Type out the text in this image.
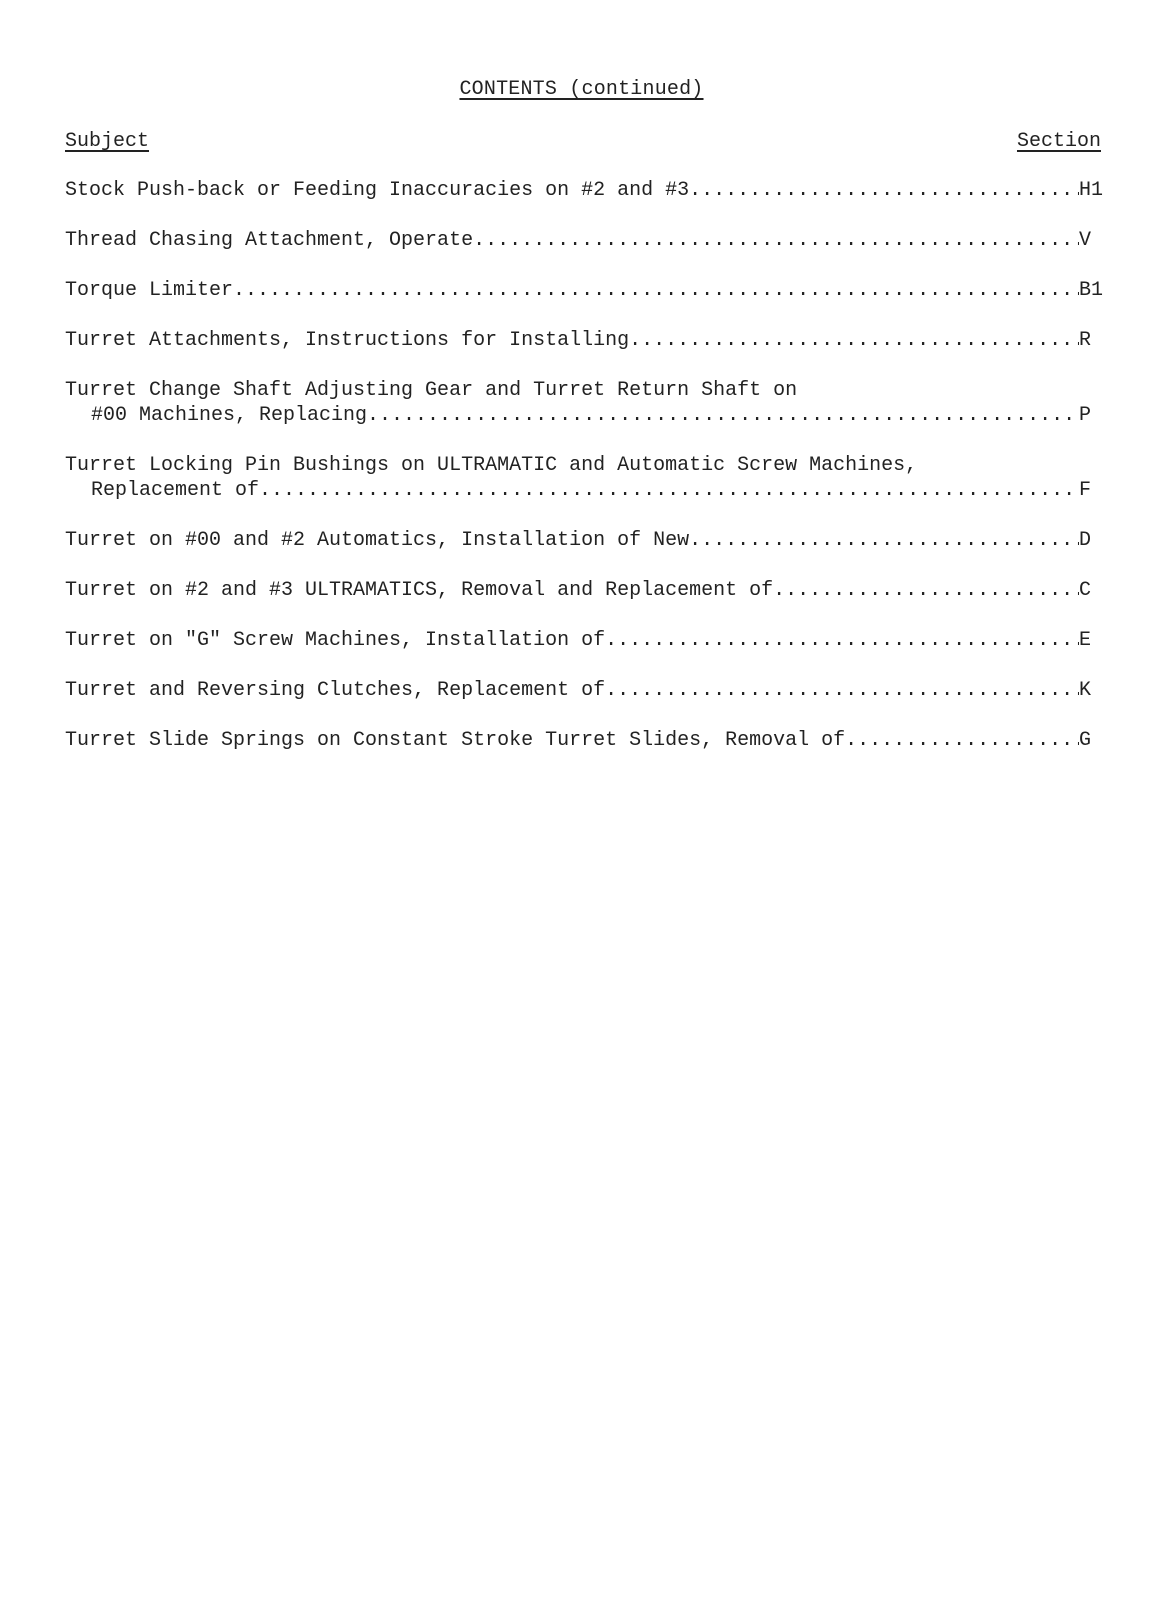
CONTENTS (continued)
Subject	Section
Stock Push-back or Feeding Inaccuracies on #2 and #3 .....	H1
Thread Chasing Attachment, Operate .....	V
Torque Limiter .....	B1
Turret Attachments, Instructions for Installing .....	R
Turret Change Shaft Adjusting Gear and Turret Return Shaft on
#00 Machines, Replacing .....	P
Turret Locking Pin Bushings on ULTRAMATIC and Automatic Screw Machines,
Replacement of .....	F
Turret on #00 and #2 Automatics, Installation of New .....	D
Turret on #2 and #3 ULTRAMATICS, Removal and Replacement of .....	C
Turret on "G" Screw Machines, Installation of .....	E
Turret and Reversing Clutches, Replacement of .....	K
Turret Slide Springs on Constant Stroke Turret Slides, Removal of .....	G
